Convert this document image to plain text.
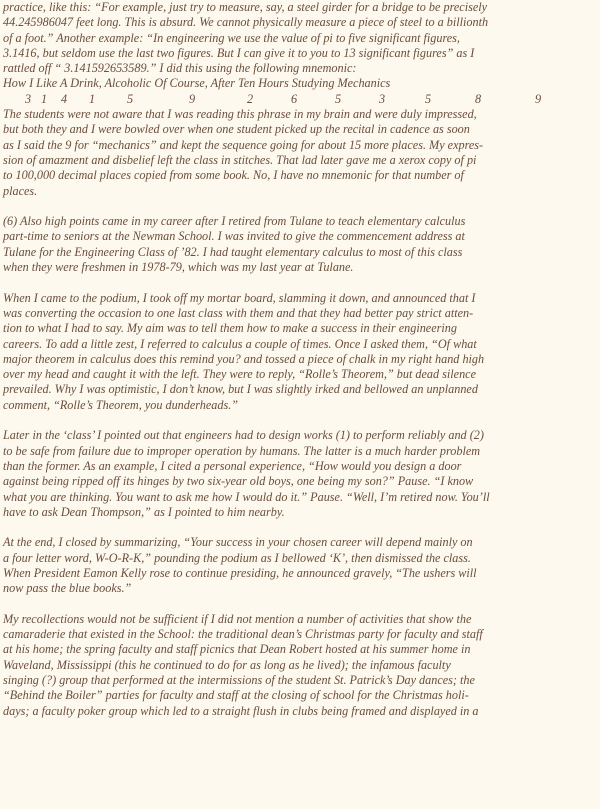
practice, like this: “For example, just try to measure, say, a steel girder for a bridge to be precisely
44.245986047 feet long. This is absurd. We cannot physically measure a piece of steel to a billionth
of a foot.” Another example: “In engineering we use the value of pi to five significant figures,
3.1416, but seldom use the last two figures. But I can give it to you to 13 significant figures” as I
rattled off “ 3.141592653589.” I did this using the following mnemonic:
How I Like A Drink, Alcoholic Of Course, After Ten Hours Studying Mechanics
3 1	4	1	5	9	2	6	5	3	5	8	9
The students were not aware that I was reading this phrase in my brain and were duly impressed,
but both they and I were bowled over when one student picked up the recital in cadence as soon
as I said the 9 for “mechanics” and kept the sequence going for about 15 more places. My expres-
sion of amazment and disbelief left the class in stitches. That lad later gave me a xerox copy of pi
to 100,000 decimal places copied from some book. No, I have no mnemonic for that number of
places.
(6) Also high points came in my career after I retired from Tulane to teach elementary calculus
part-time to seniors at the Newman School. I was invited to give the commencement address at
Tulane for the Engineering Class of ’82. I had taught elementary calculus to most of this class
when they were freshmen in 1978-79, which was my last year at Tulane.
When I came to the podium, I took off my mortar board, slamming it down, and announced that I
was converting the occasion to one last class with them and that they had better pay strict atten-
tion to what I had to say. My aim was to tell them how to make a success in their engineering
careers. To add a little zest, I referred to calculus a couple of times. Once I asked them, “Of what
major theorem in calculus does this remind you? and tossed a piece of chalk in my right hand high
over my head and caught it with the left. They were to reply, “Rolle’s Theorem,” but dead silence
prevailed. Why I was optimistic, I don’t know, but I was slightly irked and bellowed an unplanned
comment, “Rolle’s Theorem, you dunderheads.”
Later in the ‘class’ I pointed out that engineers had to design works (1) to perform reliably and (2)
to be safe from failure due to improper operation by humans. The latter is a much harder problem
than the former. As an example, I cited a personal experience, “How would you design a door
against being ripped off its hinges by two six-year old boys, one being my son?” Pause. “I know
what you are thinking. You want to ask me how I would do it.” Pause. “Well, I’m retired now. You’ll
have to ask Dean Thompson,” as I pointed to him nearby.
At the end, I closed by summarizing, “Your success in your chosen career will depend mainly on
a four letter word, W-O-R-K,” pounding the podium as I bellowed ‘K’, then dismissed the class.
When President Eamon Kelly rose to continue presiding, he announced gravely, “The ushers will
now pass the blue books.”
My recollections would not be sufficient if I did not mention a number of activities that show the
camaraderie that existed in the School: the traditional dean’s Christmas party for faculty and staff
at his home; the spring faculty and staff picnics that Dean Robert hosted at his summer home in
Waveland, Mississippi (this he continued to do for as long as he lived); the infamous faculty
singing (?) group that performed at the intermissions of the student St. Patrick’s Day dances; the
“Behind the Boiler” parties for faculty and staff at the closing of school for the Christmas holi-
days; a faculty poker group which led to a straight flush in clubs being framed and displayed in a
